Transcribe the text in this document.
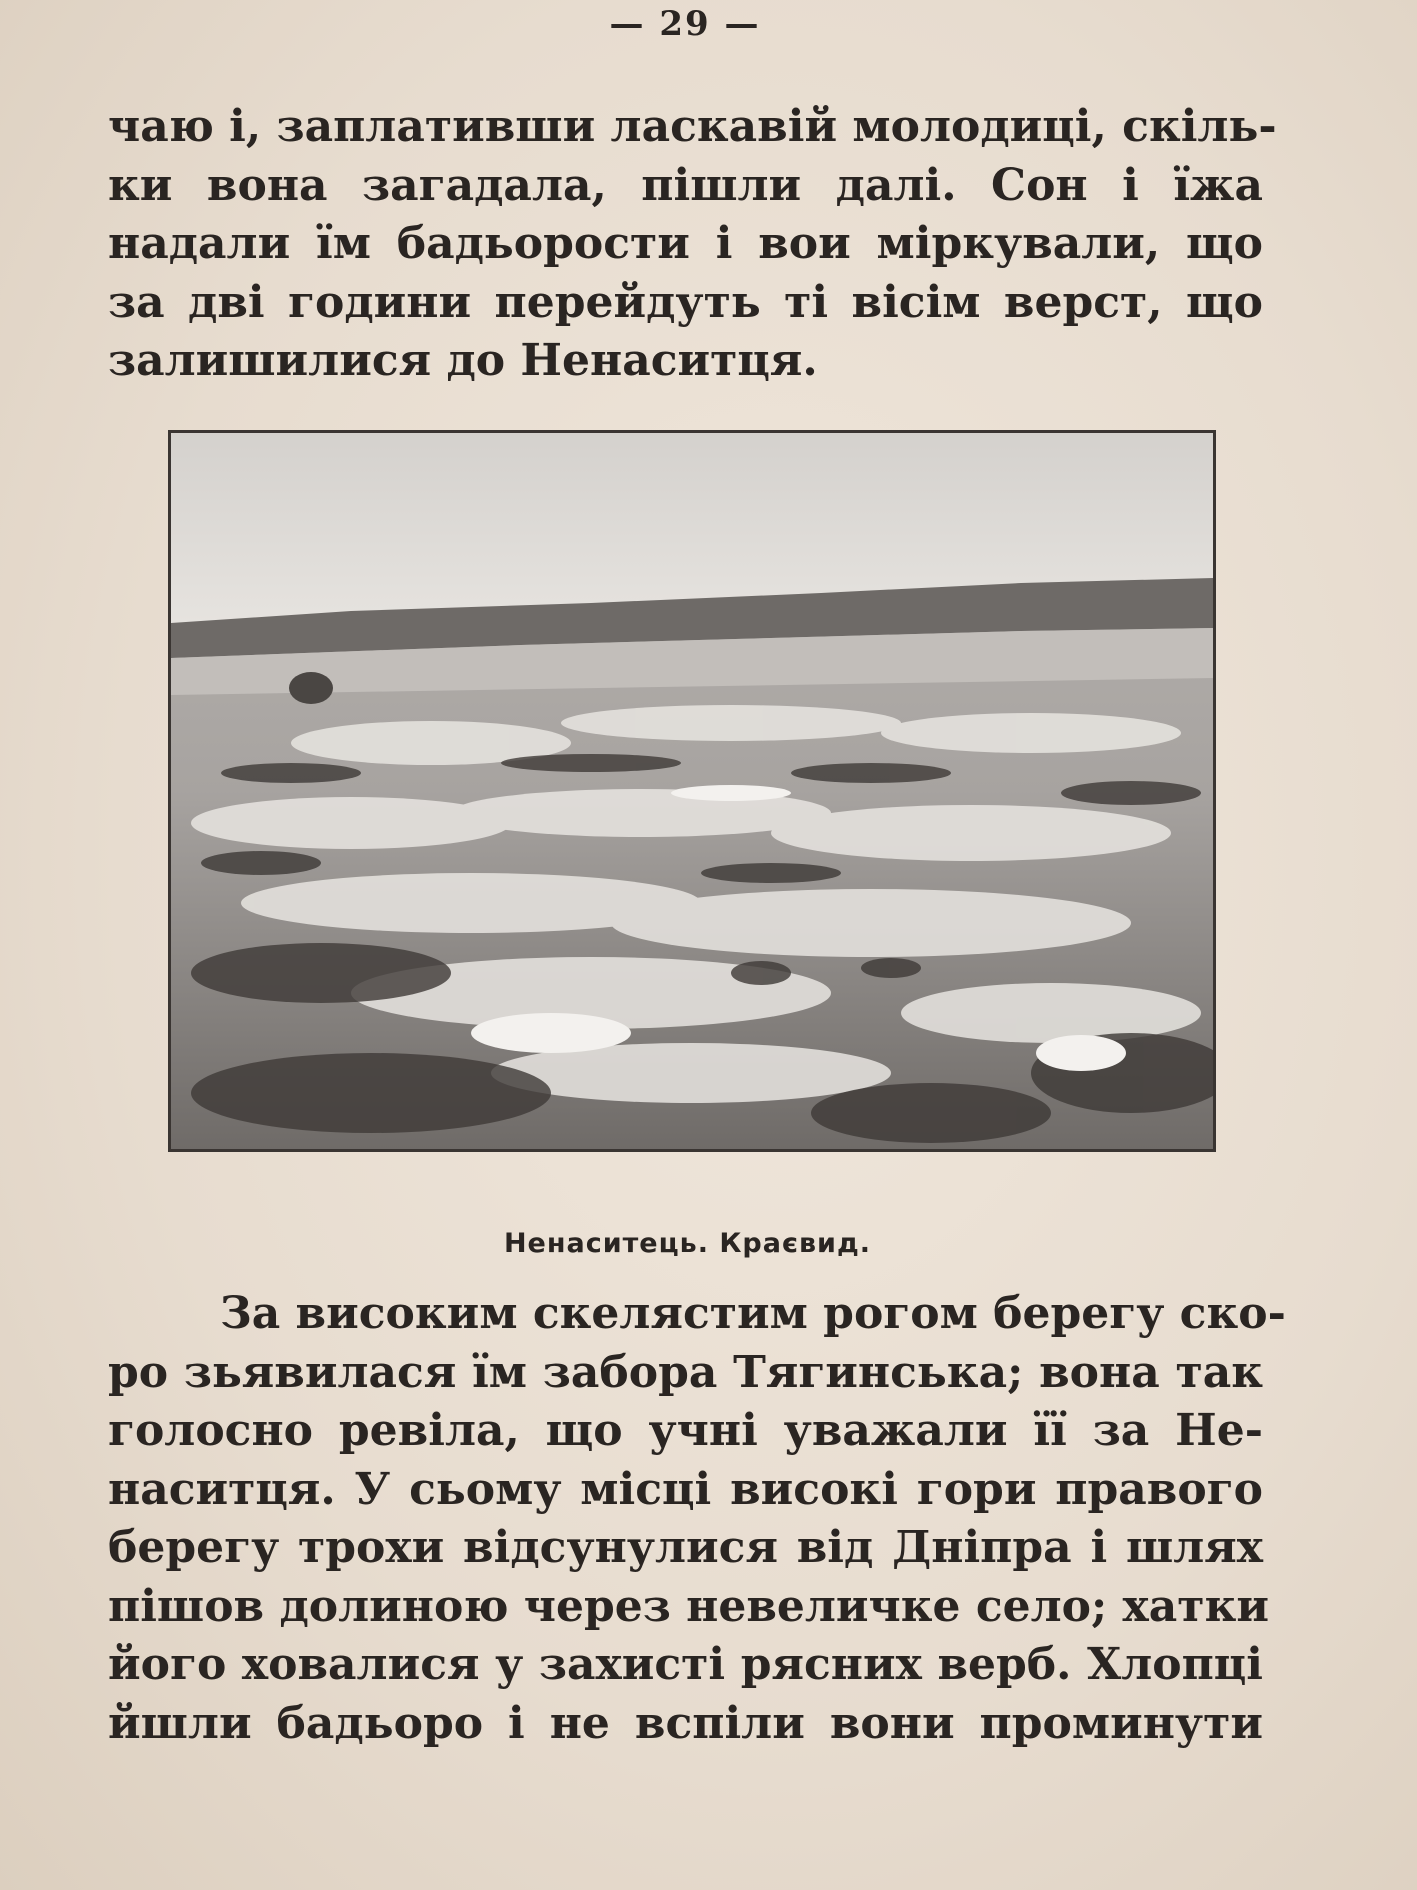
— 29 —
чаю і, заплативши ласкавій молодиці, скіль-
ки вона загадала, пішли далі. Сон і їжа
надали їм бадьорости і вои міркували, що
за дві години перейдуть ті вісім верст, що
залишилися до Ненаситця.
Ненаситець. Краєвид.
За високим скелястим рогом берегу ско-
ро зьявилася їм забора Тягинська; вона так
голосно ревіла, що учні уважали її за Не-
наситця. У сьому місці високі гори правого
берегу трохи відсунулися від Дніпра і шлях
пішов долиною через невеличке село; хатки
його ховалися у захисті рясних верб. Хлопці
йшли бадьоро і не вспіли вони проминути
